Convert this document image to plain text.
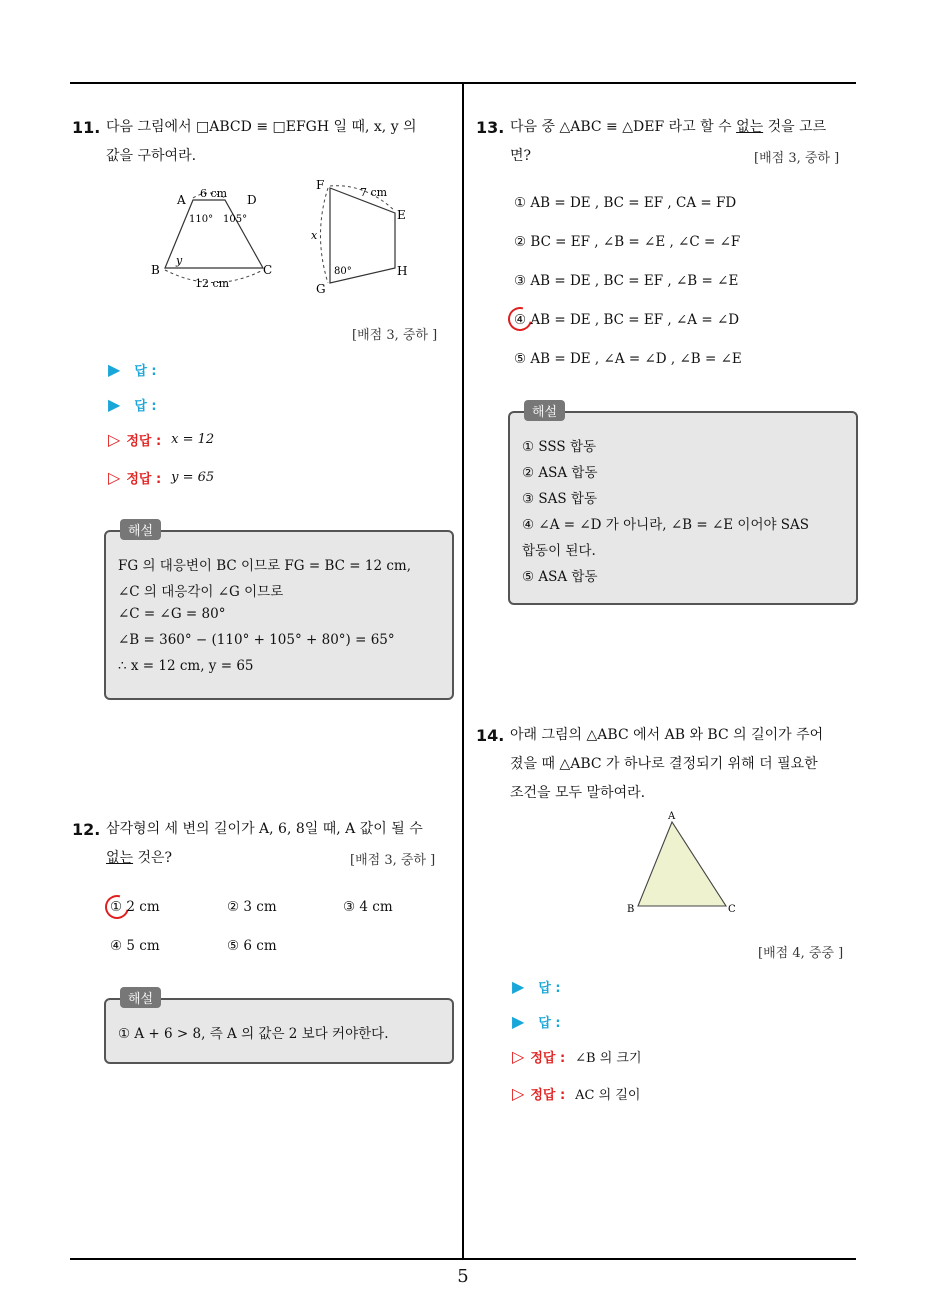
5
11. 다음 그림에서 □ABCD ≡ □EFGH 일 때, x, y 의
값을 구하여라.
A	D
B	C
6 cm
12 cm
110° 105°
y
F
E
G
H
7 cm
x
80°
[배점 3, 중하 ]
▶ 답 :
▶ 답 :
▷ 정답 : x = 12
▷ 정답 : y = 65
해설
FG 의 대응변이 BC 이므로 FG = BC = 12 cm,
∠C 의 대응각이 ∠G 이므로
∠C = ∠G = 80°
∠B = 360° − (110° + 105° + 80°) = 65°
∴ x = 12 cm, y = 65
12. 삼각형의 세 변의 길이가 A, 6, 8일 때, A 값이 될 수
없는 것은?	[배점 3, 중하 ]
① 2 cm	② 3 cm	③ 4 cm
④ 5 cm	⑤ 6 cm
해설
① A + 6 > 8, 즉 A 의 값은 2 보다 커야한다.
13. 다음 중 △ABC ≡ △DEF 라고 할 수 없는 것을 고르
면?	[배점 3, 중하 ]
① AB = DE , BC = EF , CA = FD
② BC = EF , ∠B = ∠E , ∠C = ∠F
③ AB = DE , BC = EF , ∠B = ∠E
④ AB = DE , BC = EF , ∠A = ∠D
⑤ AB = DE , ∠A = ∠D , ∠B = ∠E
해설
① SSS 합동
② ASA 합동
③ SAS 합동
④ ∠A = ∠D 가 아니라, ∠B = ∠E 이어야 SAS
합동이 된다.
⑤ ASA 합동
14. 아래 그림의 △ABC 에서 AB 와 BC 의 길이가 주어
졌을 때 △ABC 가 하나로 결정되기 위해 더 필요한
조건을 모두 말하여라.
A
B	C
[배점 4, 중중 ]
▶ 답 :
▶ 답 :
▷ 정답 : ∠B 의 크기
▷ 정답 : AC 의 길이
